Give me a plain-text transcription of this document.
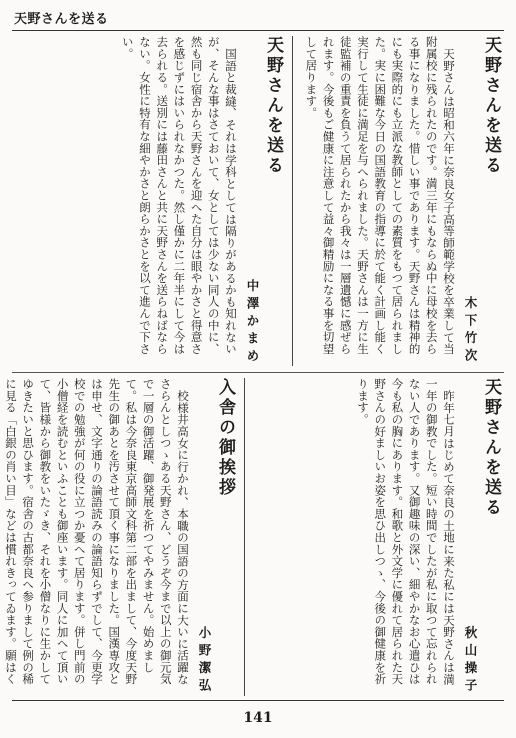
天野さんを送る
天野さんを送る
木下竹次
天野さんは昭和六年に奈良女子高等師範学校を卒業して当附属校に残られたのです。満三年にもならぬ中に母校を去らる事になりました。惜しい事であります。天野さんは精神的にも実際的にも立派な教師としての素質をもつて居られました。実に困難な今日の国語教育の指導に於て能く計画し能く実行して生徒に満足を与へられました。天野さんは一方に生徒監補の重責を負うて居られたから我々は一層遺憾に感ぜられます。今後もご健康に注意して益々御精励になる事を切望して居ります。
天野さんを送る
中澤かまめ
国語と裁縫、それは学科としては隔りがあるかも知れないが、そんな事はさておいて、女としては少ない同人の中に、然も同じ宿舎から天野さんを迎へた自分は眼やかさと得意さを感じずにはいられなかつた。然し僅かに二年半にして今は去られる。送別には藤田さんと共に天野さんを送らねばならない。女性に特有な細やかさと朗らかさとを以て進んで下さい。
天野さんを送る
秋山操子
昨年七月はじめて奈良の土地に来た私には天野さんは満一年の御教でした。短い時間でしたが私に取つて忘れられない人であります。又御趣味の深い、細やかなお心遣ひは今も私の胸にあります。和歌と外文学に優れて居られた天野さんの好ましいお姿を思ひ出しつゝ、今後の御健康を祈ります。
入舎の御挨拶
小野潔弘
校様井高女に行かれ、本職の国語の方面に大いに活躍なさらんとしつゝある天野さん、どうぞ今まで以上の御元気で一層の御活躍、御発展を祈つてやみません。始めまして。私は今奈良東京高師文科第二部を出まして、今度天野先生の御あとを汚させて頂く事になりました。国漢専攻とは申せ、文字通りの論語読みの論語知らずでして、今更学校での勉強が何の役に立つか憂へて居ります。併し門前の小僧経を読むといふことも御座います。同人に加へて頂いて、皆様から御教をいたゞき、それを小僧なりに生かしてゆきたいと思ひます。宿舎の古都奈良へ参りまして例の稀に見る「白銀の肖い目」などは慣れきってゐます。願はく
141
